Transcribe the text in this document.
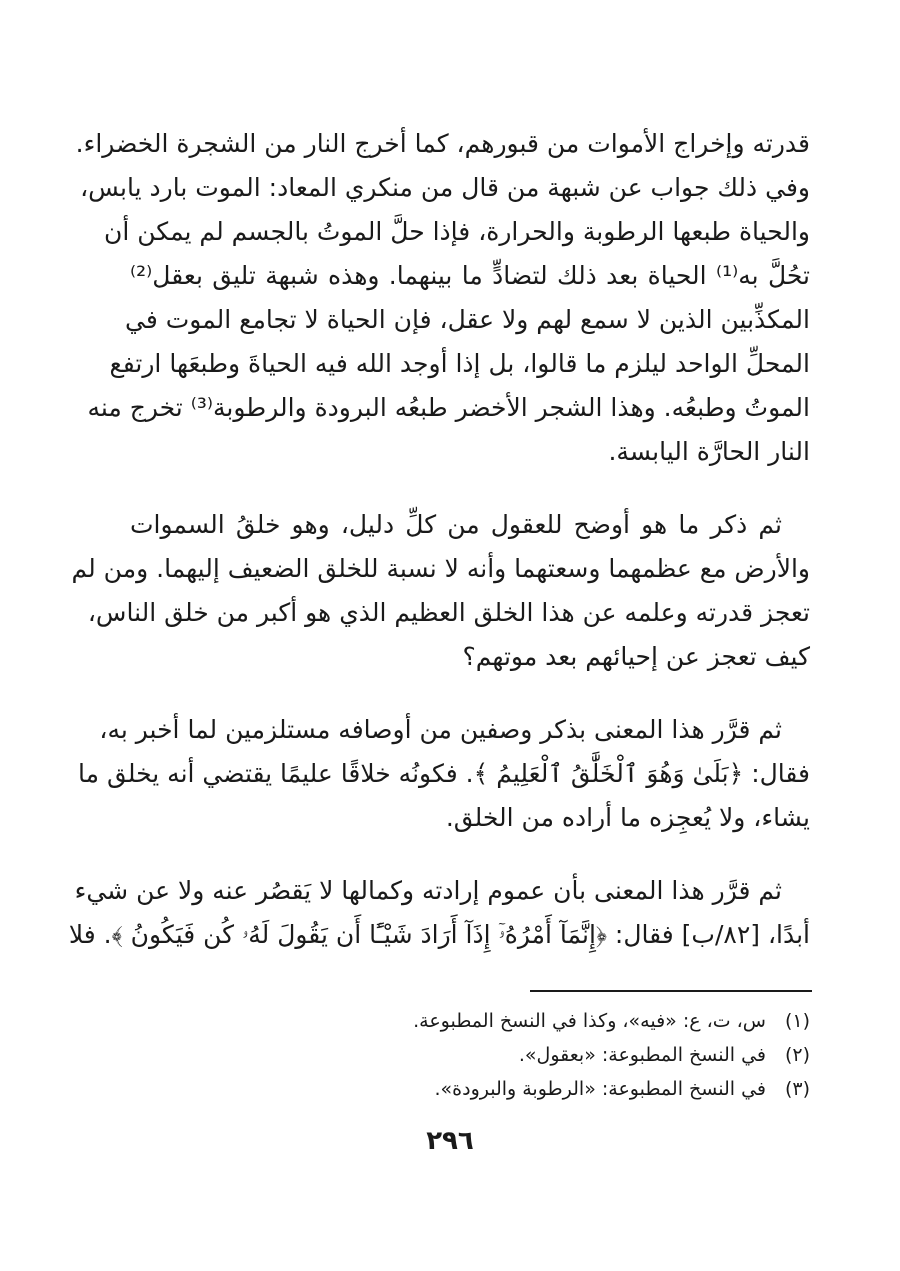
قدرته وإخراج الأموات من قبورهم، كما أخرج النار من الشجرة الخضراء.
وفي ذلك جواب عن شبهة من قال من منكري المعاد: الموت بارد يابس،
والحياة طبعها الرطوبة والحرارة، فإذا حلَّ الموتُ بالجسم لم يمكن أن
تحُلَّ به⁽¹⁾ الحياة بعد ذلك لتضادٍّ ما بينهما. وهذه شبهة تليق بعقل⁽²⁾
المكذِّبين الذين لا سمع لهم ولا عقل، فإن الحياة لا تجامع الموت في
المحلِّ الواحد ليلزم ما قالوا، بل إذا أوجد الله فيه الحياةَ وطبعَها ارتفع
الموتُ وطبعُه. وهذا الشجر الأخضر طبعُه البرودة والرطوبة⁽³⁾ تخرج منه
النار الحارَّة اليابسة.
ثم ذكر ما هو أوضح للعقول من كلِّ دليل، وهو خلقُ السموات
والأرض مع عظمهما وسعتهما وأنه لا نسبة للخلق الضعيف إليهما. ومن لم
تعجز قدرته وعلمه عن هذا الخلق العظيم الذي هو أكبر من خلق الناس،
كيف تعجز عن إحيائهم بعد موتهم؟
ثم قرَّر هذا المعنى بذكر وصفين من أوصافه مستلزمين لما أخبر به،
فقال: ﴿بَلَىٰ وَهُوَ ٱلْخَلَّٰقُ ٱلْعَلِيمُ ﴾. فكونُه خلاقًا عليمًا يقتضي أنه يخلق ما
يشاء، ولا يُعجِزه ما أراده من الخلق.
ثم قرَّر هذا المعنى بأن عموم إرادته وكمالها لا يَقصُر عنه ولا عن شيء
أبدًا، [٨٢/ب] فقال: ﴿إِنَّمَآ أَمْرُهُۥٓ إِذَآ أَرَادَ شَيْـًٔا أَن يَقُولَ لَهُۥ كُن فَيَكُونُ ﴾. فلا
(١)
س، ت، ع: «فيه»، وكذا في النسخ المطبوعة.
(٢)
في النسخ المطبوعة: «بعقول».
(٣)
في النسخ المطبوعة: «الرطوبة والبرودة».
٢٩٦
